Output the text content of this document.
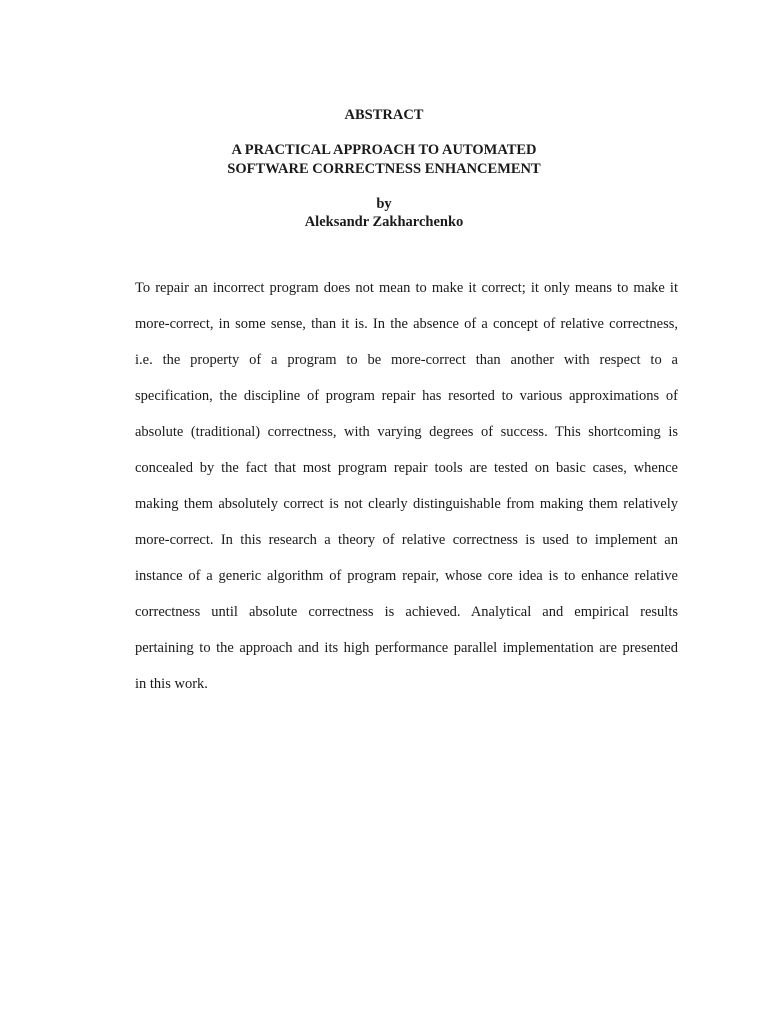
ABSTRACT
A PRACTICAL APPROACH TO AUTOMATED
SOFTWARE CORRECTNESS ENHANCEMENT
by
Aleksandr Zakharchenko
To repair an incorrect program does not mean to make it correct; it only means to make it
more-correct, in some sense, than it is. In the absence of a concept of relative correctness,
i.e. the property of a program to be more-correct than another with respect to a
specification, the discipline of program repair has resorted to various approximations of
absolute (traditional) correctness, with varying degrees of success. This shortcoming is
concealed by the fact that most program repair tools are tested on basic cases, whence
making them absolutely correct is not clearly distinguishable from making them relatively
more-correct. In this research a theory of relative correctness is used to implement an
instance of a generic algorithm of program repair, whose core idea is to enhance relative
correctness until absolute correctness is achieved. Analytical and empirical results
pertaining to the approach and its high performance parallel implementation are presented
in this work.
